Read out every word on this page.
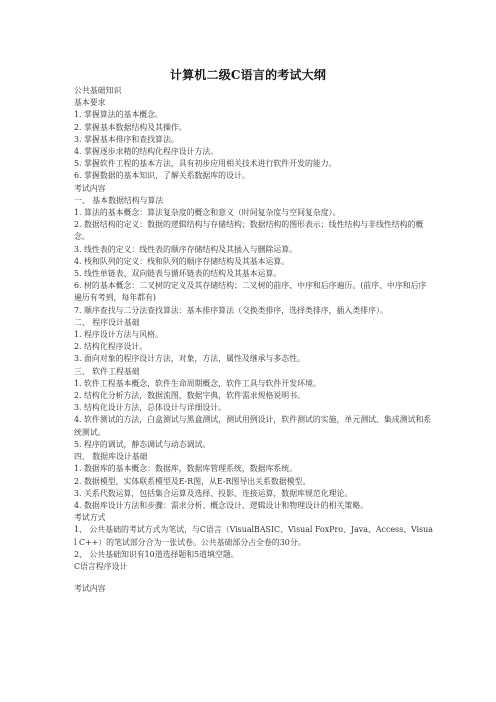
计算机二级C语言的考试大纲
公共基础知识
基本要求
1. 掌握算法的基本概念。
2. 掌握基本数据结构及其操作。
3. 掌握基本排序和查找算法。
4. 掌握逐步求精的结构化程序设计方法。
5. 掌握软件工程的基本方法，具有初步应用相关技术进行软件开发的能力。
6. 掌握数据的基本知识，了解关系数据库的设计。
考试内容
一、 基本数据结构与算法
1. 算法的基本概念：算法复杂度的概念和意义（时间复杂度与空间复杂度）。
2. 数据结构的定义：数据的逻辑结构与存储结构；数据结构的图形表示；线性结构与非线性结构的概念。
3. 线性表的定义：线性表的顺序存储结构及其插入与删除运算。
4. 栈和队列的定义：栈和队列的顺序存储结构及其基本运算。
5. 线性单链表、双向链表与循环链表的结构及其基本运算。
6. 树的基本概念：二叉树的定义及其存储结构；二叉树的前序、中序和后序遍历。(前序、中序和后序遍历有考到，每年都有)
7. 顺序查找与二分法查找算法：基本排序算法（交换类排序，选择类排序，插入类排序）。
二、 程序设计基础
1. 程序设计方法与风格。
2. 结构化程序设计。
3. 面向对象的程序设计方法，对象，方法，属性及继承与多态性。
三、 软件工程基础
1. 软件工程基本概念，软件生命周期概念，软件工具与软件开发环境。
2. 结构化分析方法，数据流图，数据字典，软件需求规格说明书。
3. 结构化设计方法，总体设计与详细设计。
4. 软件测试的方法，白盒测试与黑盒测试，测试用例设计，软件测试的实施，单元测试、集成测试和系统测试。
5. 程序的调试，静态调试与动态调试。
四、 数据库设计基础
1. 数据库的基本概念：数据库，数据库管理系统，数据库系统。
2. 数据模型，实体联系模型及E-R图，从E-R图导出关系数据模型。
3. 关系代数运算，包括集合运算及选择、投影、连接运算，数据库规范化理论。
4. 数据库设计方法和步骤：需求分析、概念设计、逻辑设计和物理设计的相关策略。
考试方式
1、 公共基础的考试方式为笔试，与C语言（VisualBASIC、Visual FoxPro、Java、Access、Visual C++）的笔试部分合为一张试卷。公共基础部分占全卷的30分。
2、 公共基础知识有10道选择题和5道填空题。
C语言程序设计
考试内容
